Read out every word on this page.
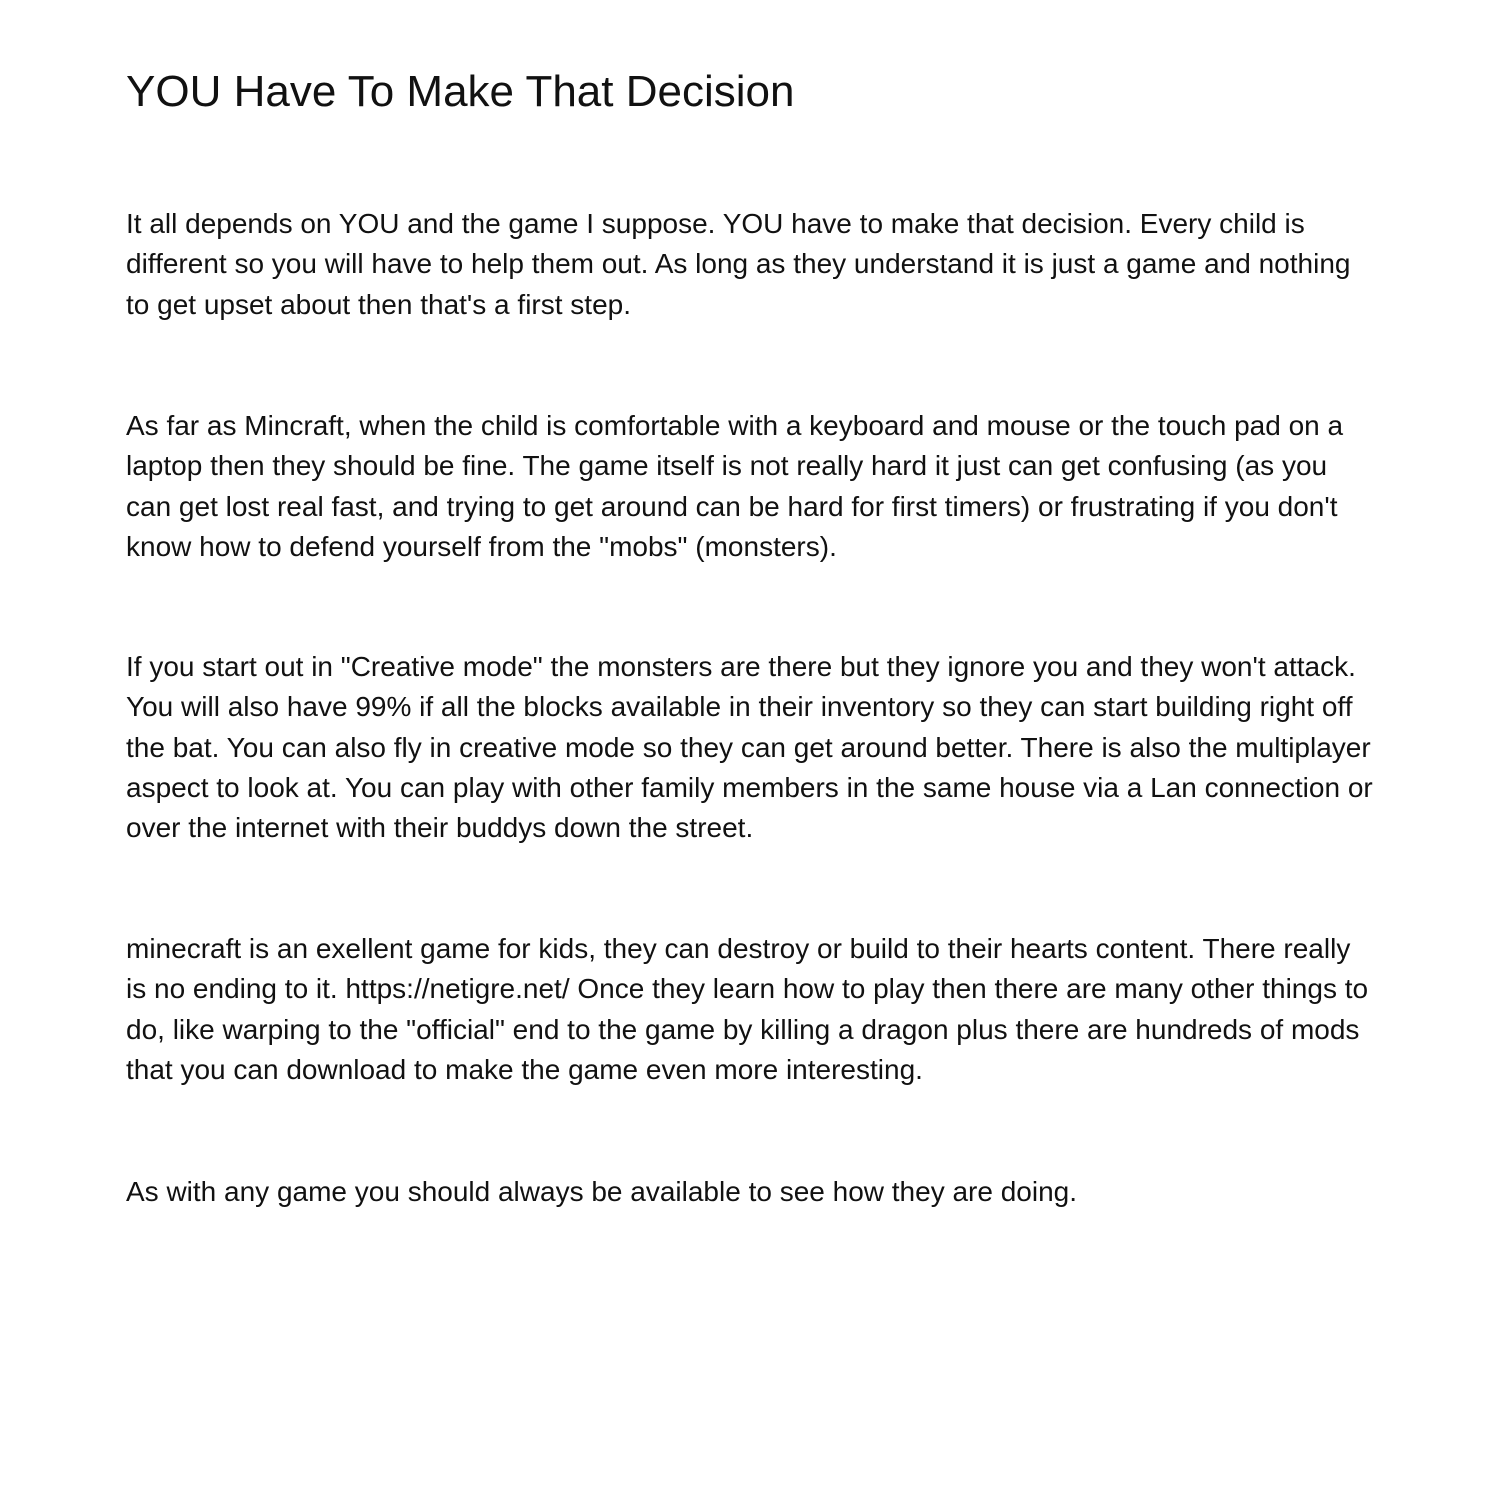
YOU Have To Make That Decision

It all depends on YOU and the game I suppose. YOU have to make that decision. Every child is different so you will have to help them out. As long as they understand it is just a game and nothing to get upset about then that's a first step.

As far as Mincraft, when the child is comfortable with a keyboard and mouse or the touch pad on a laptop then they should be fine. The game itself is not really hard it just can get confusing (as you can get lost real fast, and trying to get around can be hard for first timers) or frustrating if you don't know how to defend yourself from the "mobs" (monsters).

If you start out in "Creative mode" the monsters are there but they ignore you and they won't attack. You will also have 99% if all the blocks available in their inventory so they can start building right off the bat. You can also fly in creative mode so they can get around better. There is also the multiplayer aspect to look at. You can play with other family members in the same house via a Lan connection or over the internet with their buddys down the street.

minecraft is an exellent game for kids, they can destroy or build to their hearts content. There really is no ending to it. https://netigre.net/ Once they learn how to play then there are many other things to do, like warping to the "official" end to the game by killing a dragon plus there are hundreds of mods that you can download to make the game even more interesting.

As with any game you should always be available to see how they are doing.
